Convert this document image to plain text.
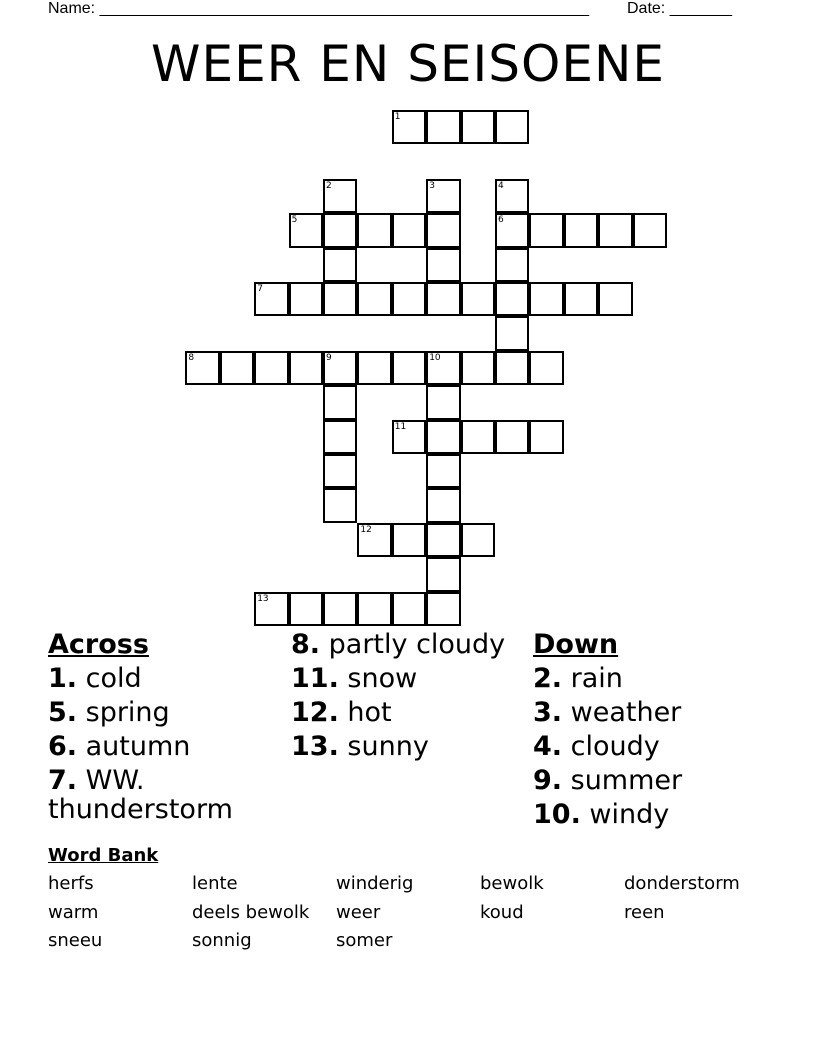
Name: _______________________________________________________ Date: _______
WEER EN SEISOENE
1
2	3	4
5	6
7
8	9	10
11
12
13
Across
1. cold
5. spring
6. autumn
7. WW. thunderstorm
8. partly cloudy
11. snow
12. hot
13. sunny
Down
2. rain
3. weather
4. cloudy
9. summer
10. windy
Word Bank
herfs	lente	winderig	bewolk	donderstorm
warm	deels bewolk	weer	koud	reen
sneeu	sonnig	somer
